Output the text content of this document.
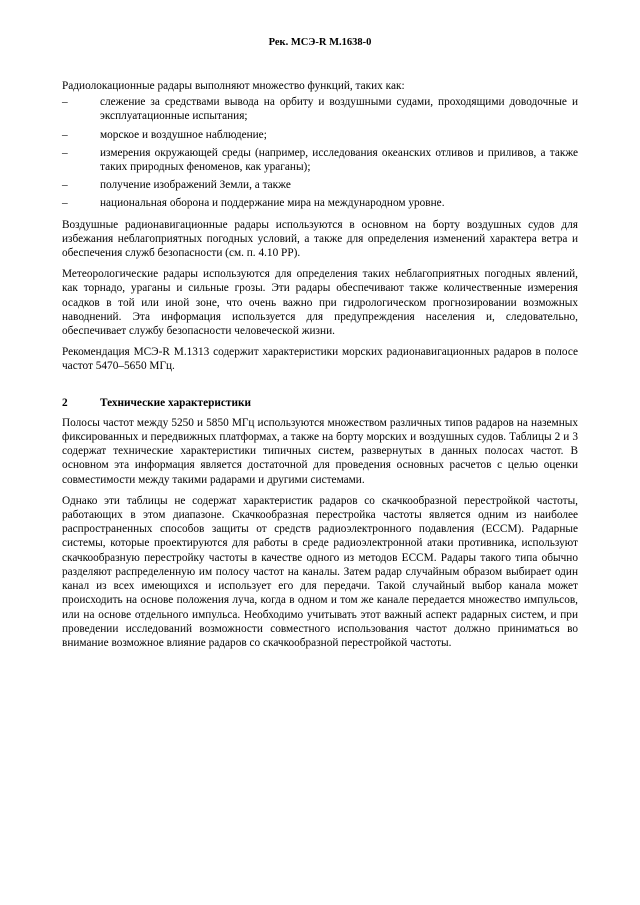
Рек. МСЭ-R M.1638-0

Радиолокационные радары выполняют множество функций, таких как:

–	слежение за средствами вывода на орбиту и воздушными судами, проходящими доводочные и эксплуатационные испытания;
–	морское и воздушное наблюдение;
–	измерения окружающей среды (например, исследования океанских отливов и приливов, а также таких природных феноменов, как ураганы);
–	получение изображений Земли, а также
–	национальная оборона и поддержание мира на международном уровне.

Воздушные радионавигационные радары используются в основном на борту воздушных судов для избежания неблагоприятных погодных условий, а также для определения изменений характера ветра и обеспечения служб безопасности (см. п. 4.10 РР).

Метеорологические радары используются для определения таких неблагоприятных погодных явлений, как торнадо, ураганы и сильные грозы. Эти радары обеспечивают также количественные измерения осадков в той или иной зоне, что очень важно при гидрологическом прогнозировании возможных наводнений. Эта информация используется для предупреждения населения и, следовательно, обеспечивает службу безопасности человеческой жизни.

Рекомендация МСЭ-R M.1313 содержит характеристики морских радионавигационных радаров в полосе частот 5470–5650 МГц.

2	Технические характеристики

Полосы частот между 5250 и 5850 МГц используются множеством различных типов радаров на наземных фиксированных и передвижных платформах, а также на борту морских и воздушных судов. Таблицы 2 и 3 содержат технические характеристики типичных систем, развернутых в данных полосах частот. В основном эта информация является достаточной для проведения основных расчетов с целью оценки совместимости между такими радарами и другими системами.

Однако эти таблицы не содержат характеристик радаров со скачкообразной перестройкой частоты, работающих в этом диапазоне. Скачкообразная перестройка частоты является одним из наиболее распространенных способов защиты от средств радиоэлектронного подавления (ЕССМ). Радарные системы, которые проектируются для работы в среде радиоэлектронной атаки противника, используют скачкообразную перестройку частоты в качестве одного из методов ЕССМ. Радары такого типа обычно разделяют распределенную им полосу частот на каналы. Затем радар случайным образом выбирает один канал из всех имеющихся и использует его для передачи. Такой случайный выбор канала может происходить на основе положения луча, когда в одном и том же канале передается множество импульсов, или на основе отдельного импульса. Необходимо учитывать этот важный аспект радарных систем, и при проведении исследований возможности совместного использования частот должно приниматься во внимание возможное влияние радаров со скачкообразной перестройкой частоты.
